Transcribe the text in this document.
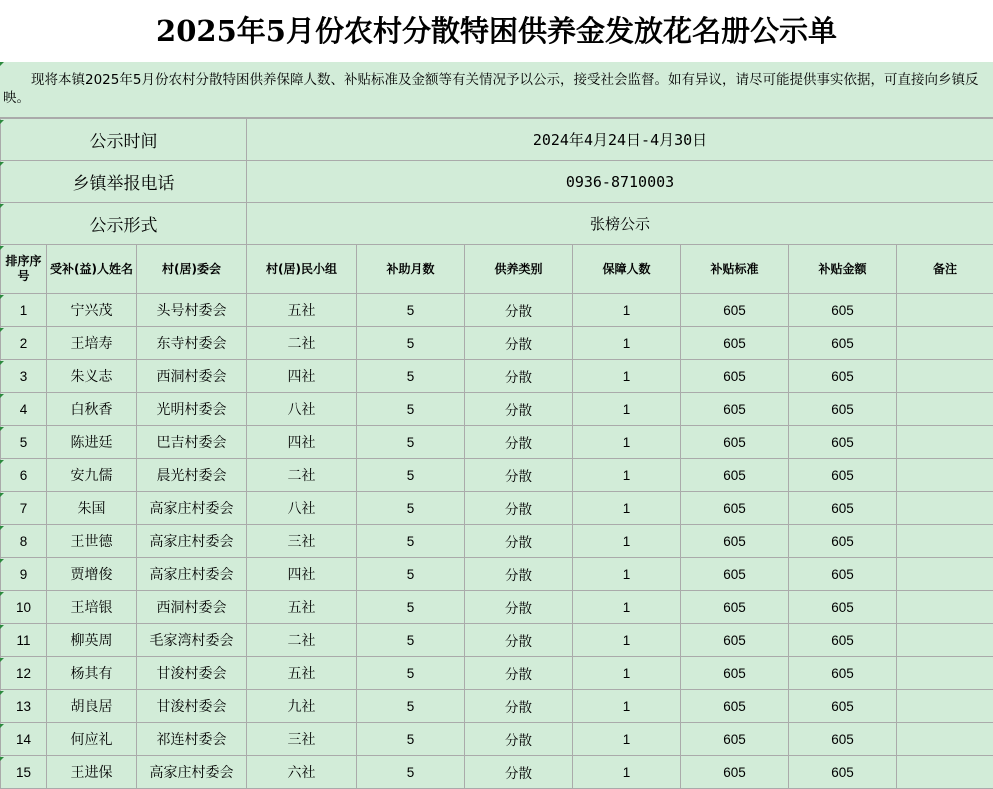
2025年5月份农村分散特困供养金发放花名册公示单
现将本镇2025年5月份农村分散特困供养保障人数、补贴标准及金额等有关情况予以公示，接受社会监督。如有异议，请尽可能提供事实依据，可直接向乡镇反映。
公示时间			2024年4月24日-4月30日						
乡镇举报电话			0936-8710003						
公示形式			张榜公示						
排序序号	受补(益)人姓名	村(居)委会	村(居)民小组	补助月数	供养类别	保障人数	补贴标准	补贴金额	备注
1	宁兴茂	头号村委会	五社	5	分散	1	605	605	
2	王培寿	东寺村委会	二社	5	分散	1	605	605	
3	朱义志	西洞村委会	四社	5	分散	1	605	605	
4	白秋香	光明村委会	八社	5	分散	1	605	605	
5	陈进廷	巴吉村委会	四社	5	分散	1	605	605	
6	安九儒	晨光村委会	二社	5	分散	1	605	605	
7	朱国	高家庄村委会	八社	5	分散	1	605	605	
8	王世德	高家庄村委会	三社	5	分散	1	605	605	
9	贾增俊	高家庄村委会	四社	5	分散	1	605	605	
10	王培银	西洞村委会	五社	5	分散	1	605	605	
11	柳英周	毛家湾村委会	二社	5	分散	1	605	605	
12	杨其有	甘浚村委会	五社	5	分散	1	605	605	
13	胡良居	甘浚村委会	九社	5	分散	1	605	605	
14	何应礼	祁连村委会	三社	5	分散	1	605	605	
15	王进保	高家庄村委会	六社	5	分散	1	605	605	
